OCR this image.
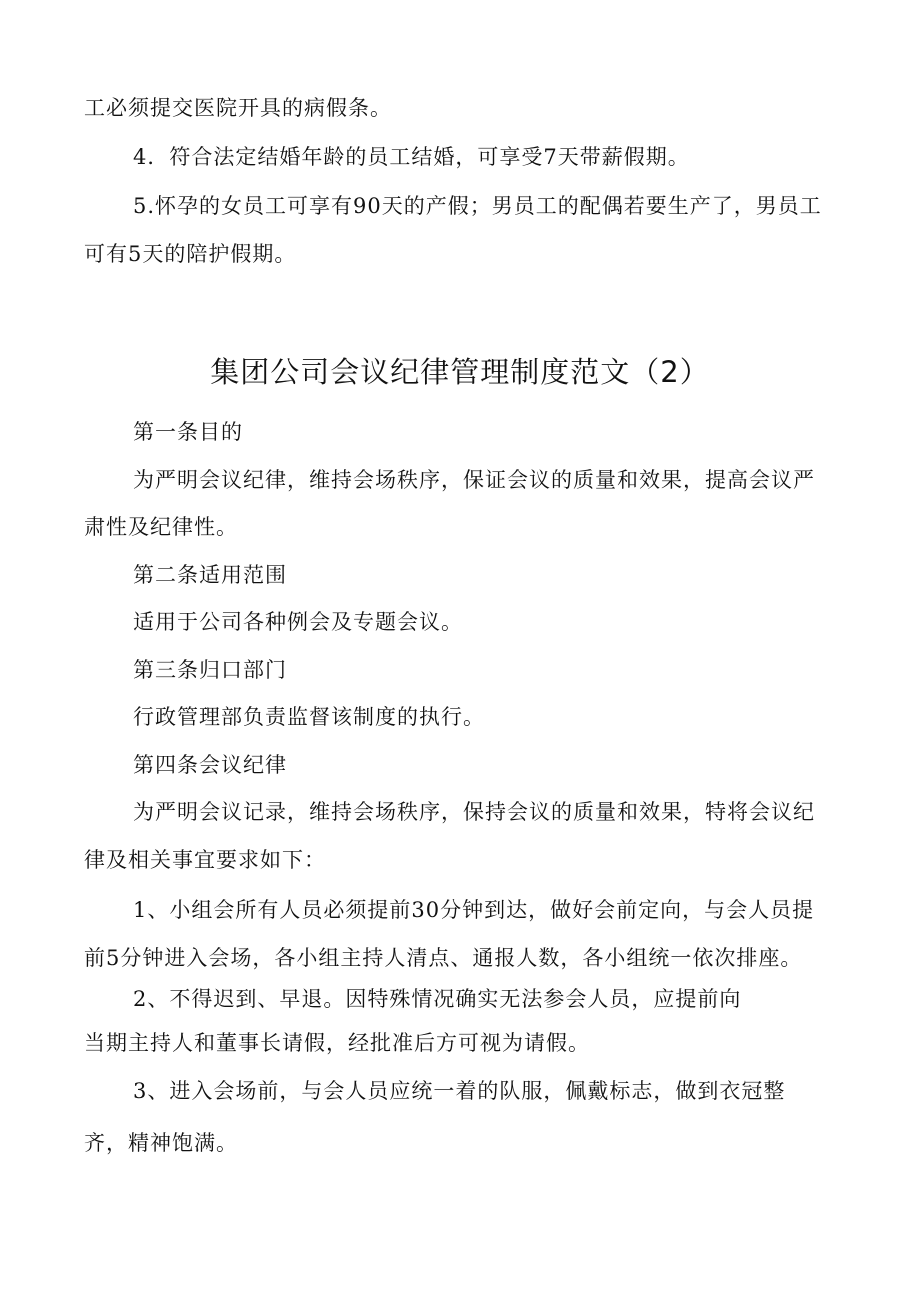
工必须提交医院开具的病假条。
4．符合法定结婚年龄的员工结婚，可享受7天带薪假期。
5.怀孕的女员工可享有90天的产假；男员工的配偶若要生产了，男员工
可有5天的陪护假期。
集团公司会议纪律管理制度范文（2）
第一条目的
为严明会议纪律，维持会场秩序，保证会议的质量和效果，提高会议严
肃性及纪律性。
第二条适用范围
适用于公司各种例会及专题会议。
第三条归口部门
行政管理部负责监督该制度的执行。
第四条会议纪律
为严明会议记录，维持会场秩序，保持会议的质量和效果，特将会议纪
律及相关事宜要求如下：
1、小组会所有人员必须提前30分钟到达，做好会前定向，与会人员提
前5分钟进入会场，各小组主持人清点、通报人数，各小组统一依次排座。
2、不得迟到、早退。因特殊情况确实无法参会人员，应提前向
当期主持人和董事长请假，经批准后方可视为请假。
3、进入会场前，与会人员应统一着的队服，佩戴标志，做到衣冠整
齐，精神饱满。
